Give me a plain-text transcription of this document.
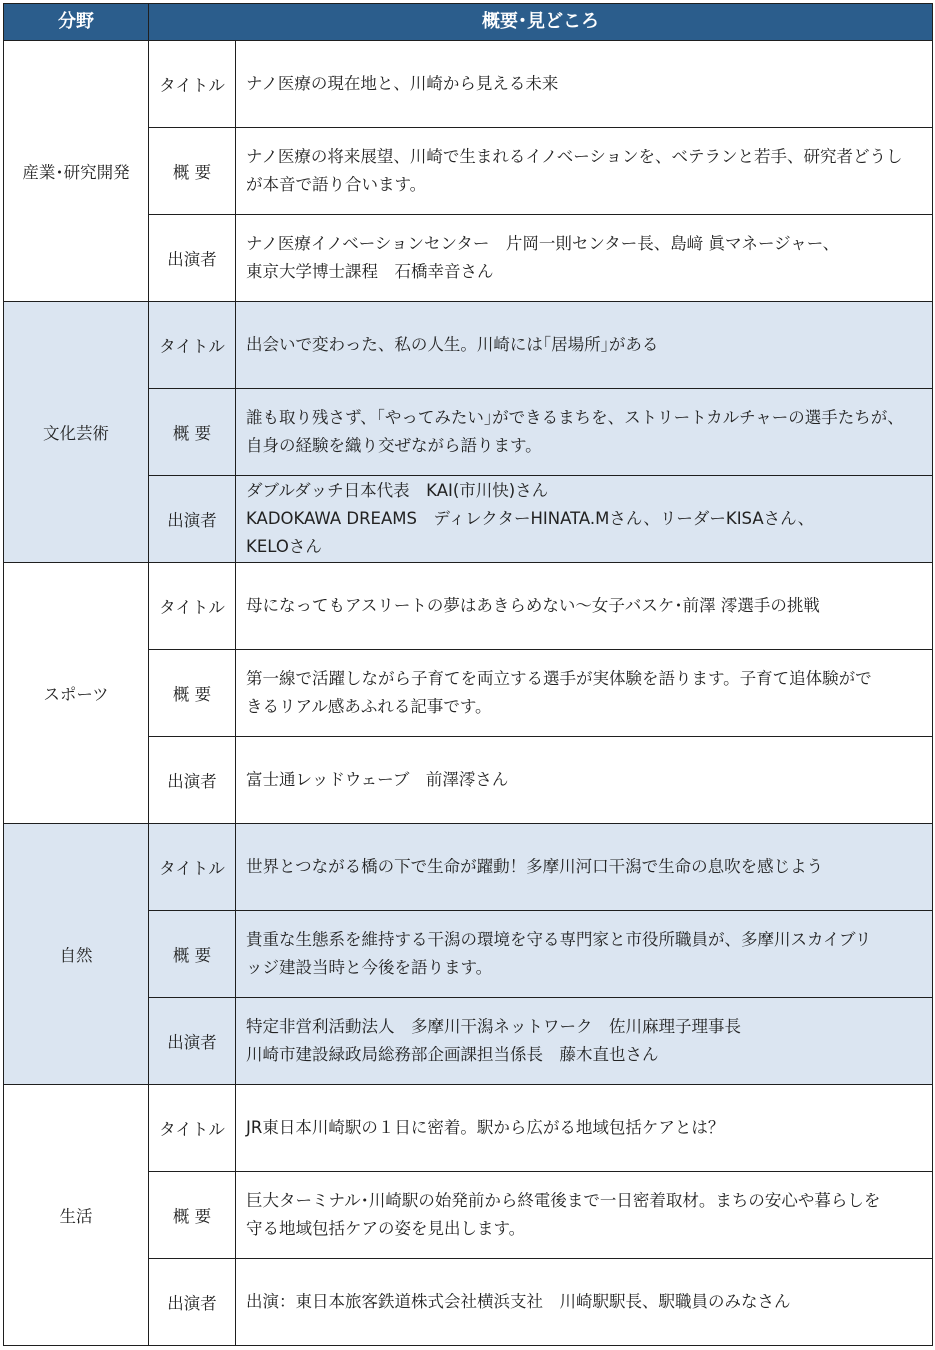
分野	概要･見どころ	
産業･研究開発	タイトル	ナノ医療の現在地と、川崎から見える未来
	概 要	ナノ医療の将来展望、川崎で生まれるイノベーションを、ベテランと若手、研究者どうし
が本音で語り合います。

	出演者	ナノ医療イノベーションセンター　片岡一則センター長、島﨑 眞マネージャー、
東京大学博士課程　石橋幸音さん

文化芸術	タイトル	出会いで変わった、私の人生。川崎には｢居場所｣がある
	概 要	誰も取り残さず、｢やってみたい｣ができるまちを、ストリートカルチャーの選手たちが、
自身の経験を織り交ぜながら語ります。

	出演者	ダブルダッチ日本代表　KAI(市川快)さん
KADOKAWA DREAMS　ディレクターHINATA.Mさん、リーダーKISAさん、
KELOさん

スポーツ	タイトル	母になってもアスリートの夢はあきらめない～女子バスケ･前澤 澪選手の挑戦
	概 要	第一線で活躍しながら子育てを両立する選手が実体験を語ります。子育て追体験がで
きるリアル感あふれる記事です。

	出演者	富士通レッドウェーブ　前澤澪さん

自然	タイトル	世界とつながる橋の下で生命が躍動！多摩川河口干潟で生命の息吹を感じよう
	概 要	貴重な生態系を維持する干潟の環境を守る専門家と市役所職員が、多摩川スカイブリ
ッジ建設当時と今後を語ります。

	出演者	特定非営利活動法人　多摩川干潟ネットワーク　佐川麻理子理事長
川崎市建設緑政局総務部企画課担当係長　藤木直也さん

生活	タイトル	JR東日本川崎駅の１日に密着。駅から広がる地域包括ケアとは？
	概 要	巨大ターミナル･川崎駅の始発前から終電後まで一日密着取材。まちの安心や暮らしを
守る地域包括ケアの姿を見出します。

	出演者	出演：東日本旅客鉄道株式会社横浜支社　川崎駅駅長、駅職員のみなさん
